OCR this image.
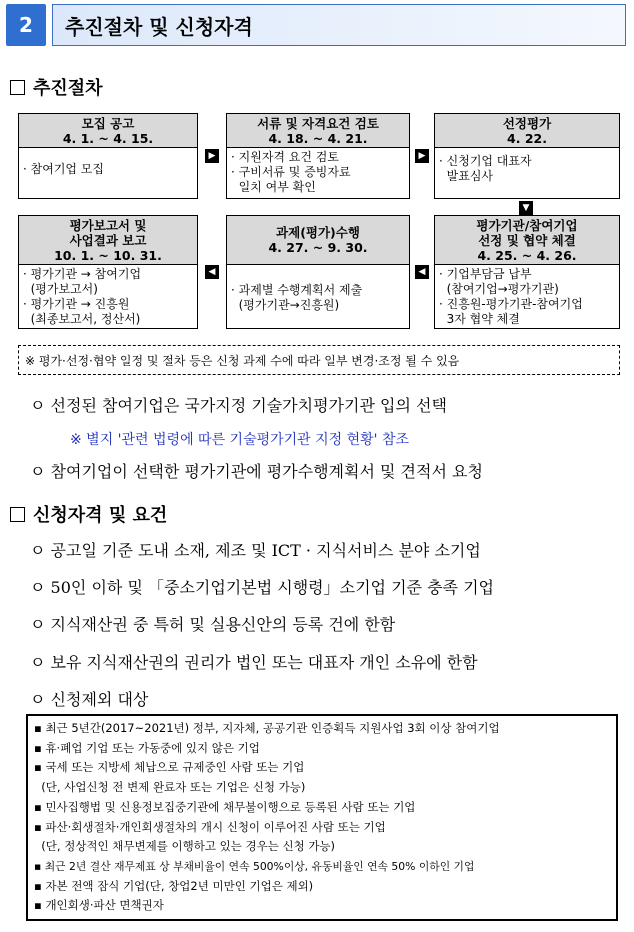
2	추진절차 및 신청자격
추진절차
모집 공고
4. 1. ~ 4. 15.
· 참여기업 모집
▶
서류 및 자격요건 검토
4. 18. ~ 4. 21.
· 지원자격 요건 검토
· 구비서류 및 증빙자료
일치 여부 확인
▶
선정평가
4. 22.
· 신청기업 대표자
발표심사
▼
평가보고서 및
사업결과 보고
10. 1. ~ 10. 31.
· 평가기관 → 참여기업
(평가보고서)
· 평가기관 → 진흥원
(최종보고서, 정산서)
◀
과제(평가)수행
4. 27. ~ 9. 30.
· 과제별 수행계획서 제출
(평가기관→진흥원)
◀
평가기관/참여기업
선정 및 협약 체결
4. 25. ~ 4. 26.
· 기업부담금 납부
(참여기업→평가기관)
· 진흥원-평가기관-참여기업
3자 협약 체결
※ 평가·선정·협약 일정 및 절차 등은 신청 과제 수에 따라 일부 변경·조정 될 수 있음
ㅇ 선정된 참여기업은 국가지정 기술가치평가기관 입의 선택
※ 별지 '관련 법령에 따른 기술평가기관 지정 현황' 참조
ㅇ 참여기업이 선택한 평가기관에 평가수행계획서 및 견적서 요청
신청자격 및 요건
ㅇ 공고일 기준 도내 소재, 제조 및 ICT · 지식서비스 분야 소기업
ㅇ 50인 이하 및 「중소기업기본법 시행령」소기업 기준 충족 기업
ㅇ 지식재산권 중 특허 및 실용신안의 등록 건에 한함
ㅇ 보유 지식재산권의 권리가 법인 또는 대표자 개인 소유에 한함
ㅇ 신청제외 대상
▪ 최근 5년간(2017~2021년) 정부, 지자체, 공공기관 인증획득 지원사업 3회 이상 참여기업
▪ 휴·폐업 기업 또는 가동중에 있지 않은 기업
▪ 국세 또는 지방세 체납으로 규제중인 사람 또는 기업
(단, 사업신청 전 변제 완료자 또는 기업은 신청 가능)
▪ 민사집행법 및 신용정보집중기관에 채무불이행으로 등록된 사람 또는 기업
▪ 파산·회생절차·개인회생절차의 개시 신청이 이루어진 사람 또는 기업
(단, 정상적인 채무변제를 이행하고 있는 경우는 신청 가능)
▪ 최근 2년 결산 재무제표 상 부채비율이 연속 500%이상, 유동비율인 연속 50% 이하인 기업
▪ 자본 전액 잠식 기업(단, 창업2년 미만인 기업은 제외)
▪ 개인회생·파산 면책권자
